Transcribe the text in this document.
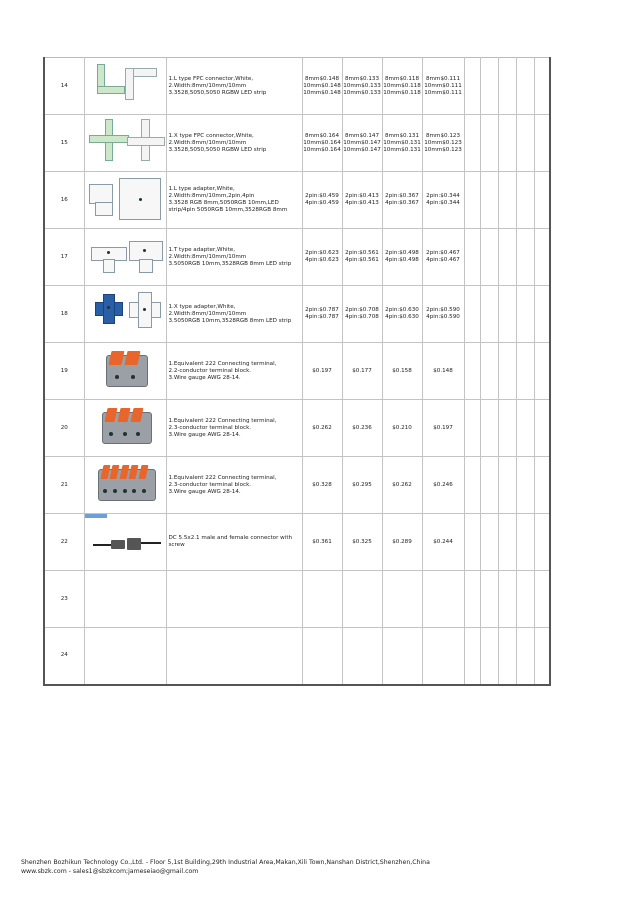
14		1.L type FPC connector,White,
2.Width:8mm/10mm/10mm
3.3528,5050,5050 RGBW LED strip	8mm$0.148
10mm$0.148
10mm$0.148	8mm$0.133
10mm$0.133
10mm$0.133	8mm$0.118
10mm$0.118
10mm$0.118	8mm$0.111
10mm$0.111
10mm$0.111					

15		1.X type FPC connector,White,
2.Width:8mm/10mm/10mm
3.3528,5050,5050 RGBW LED strip	8mm$0.164
10mm$0.164
10mm$0.164	8mm$0.147
10mm$0.147
10mm$0.147	8mm$0.131
10mm$0.131
10mm$0.131	8mm$0.123
10mm$0.123
10mm$0.123					

16		1.L type adapter,White,
2.Width:8mm/10mm,2pin,4pin
3.3528 RGB 8mm,5050RGB 10mm,LED strip/4pin 5050RGB 10mm,3528RGB 8mm	2pin:$0.459
4pin:$0.459	2pin:$0.413
4pin:$0.413	2pin:$0.367
4pin:$0.367	2pin:$0.344
4pin:$0.344					

17		1.T type adapter,White,
2.Width:8mm/10mm/10mm
3.5050RGB 10mm,3528RGB 8mm LED strip	2pin:$0.623
4pin:$0.623	2pin:$0.561
4pin:$0.561	2pin:$0.498
4pin:$0.498	2pin:$0.467
4pin:$0.467					

18		1.X type adapter,White,
2.Width:8mm/10mm/10mm
3.5050RGB 10mm,3528RGB 8mm LED strip	2pin:$0.787
4pin:$0.787	2pin:$0.708
4pin:$0.708	2pin:$0.630
4pin:$0.630	2pin:$0.590
4pin:$0.590					

19		1.Equivalent 222 Connecting terminal,
2.2-conductor terminal block.
3.Wire gauge AWG 28-14.	$0.197	$0.177	$0.158	$0.148					

20		1.Equivalent 222 Connecting terminal,
2.3-conductor terminal block.
3.Wire gauge AWG 28-14.	$0.262	$0.236	$0.210	$0.197					

21		1.Equivalent 222 Connecting terminal,
2.3-conductor terminal block.
3.Wire gauge AWG 28-14.	$0.328	$0.295	$0.262	$0.246					

22		DC 5.5x2.1 male and female connector with screw	$0.361	$0.325	$0.289	$0.244					

23											
24											
Shenzhen Bozhikun Technology Co.,Ltd. - Floor 5,1st Building,29th Industrial Area,Makan,Xili Town,Nanshan District,Shenzhen,China
www.sbzk.com - sales1@sbzkcom;jameseiao@gmail.com
